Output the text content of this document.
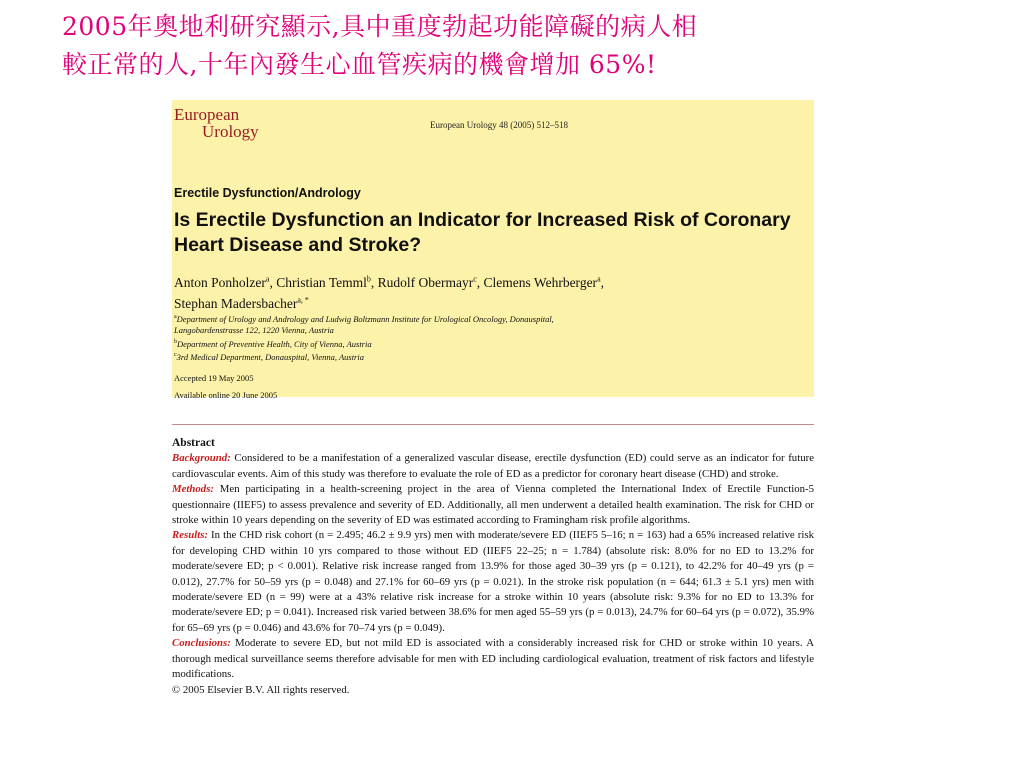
2005年奧地利研究顯示,具中重度勃起功能障礙的病人相
較正常的人,十年內發生心血管疾病的機會增加 65%!
European
Urology	European Urology 48 (2005) 512–518
Erectile Dysfunction/Andrology
Is Erectile Dysfunction an Indicator for Increased Risk of Coronary Heart Disease and Stroke?
Anton Ponholzer$^a$, Christian Temml$^b$, Rudolf Obermayr$^c$, Clemens Wehrberger$^a$,
Stephan Madersbacher$^{a, *}$
$^a$Department of Urology and Andrology and Ludwig Boltzmann Institute for Urological Oncology, Donauspital,
Langobardenstrasse 122, 1220 Vienna, Austria
$^b$Department of Preventive Health, City of Vienna, Austria
$^c$3rd Medical Department, Donauspital, Vienna, Austria
Accepted 19 May 2005
Available online 20 June 2005
Abstract

Background: Considered to be a manifestation of a generalized vascular disease, erectile dysfunction (ED) could serve as an indicator for future cardiovascular events. Aim of this study was therefore to evaluate the role of ED as a predictor for coronary heart disease (CHD) and stroke.

Methods: Men participating in a health-screening project in the area of Vienna completed the International Index of Erectile Function-5 questionnaire (IIEF5) to assess prevalence and severity of ED. Additionally, all men underwent a detailed health examination. The risk for CHD or stroke within 10 years depending on the severity of ED was estimated according to Framingham risk profile algorithms.

Results: In the CHD risk cohort (n = 2.495; 46.2 ± 9.9 yrs) men with moderate/severe ED (IIEF5 5–16; n = 163) had a 65% increased relative risk for developing CHD within 10 yrs compared to those without ED (IIEF5 22–25; n = 1.784) (absolute risk: 8.0% for no ED to 13.2% for moderate/severe ED; p < 0.001). Relative risk increase ranged from 13.9% for those aged 30–39 yrs (p = 0.121), to 42.2% for 40–49 yrs (p = 0.012), 27.7% for 50–59 yrs (p = 0.048) and 27.1% for 60–69 yrs (p = 0.021). In the stroke risk population (n = 644; 61.3 ± 5.1 yrs) men with moderate/severe ED (n = 99) were at a 43% relative risk increase for a stroke within 10 years (absolute risk: 9.3% for no ED to 13.3% for moderate/severe ED; p = 0.041). Increased risk varied between 38.6% for men aged 55–59 yrs (p = 0.013), 24.7% for 60–64 yrs (p = 0.072), 35.9% for 65–69 yrs (p = 0.046) and 43.6% for 70–74 yrs (p = 0.049).

Conclusions: Moderate to severe ED, but not mild ED is associated with a considerably increased risk for CHD or stroke within 10 years. A thorough medical surveillance seems therefore advisable for men with ED including cardiological evaluation, treatment of risk factors and lifestyle modifications.

© 2005 Elsevier B.V. All rights reserved.
